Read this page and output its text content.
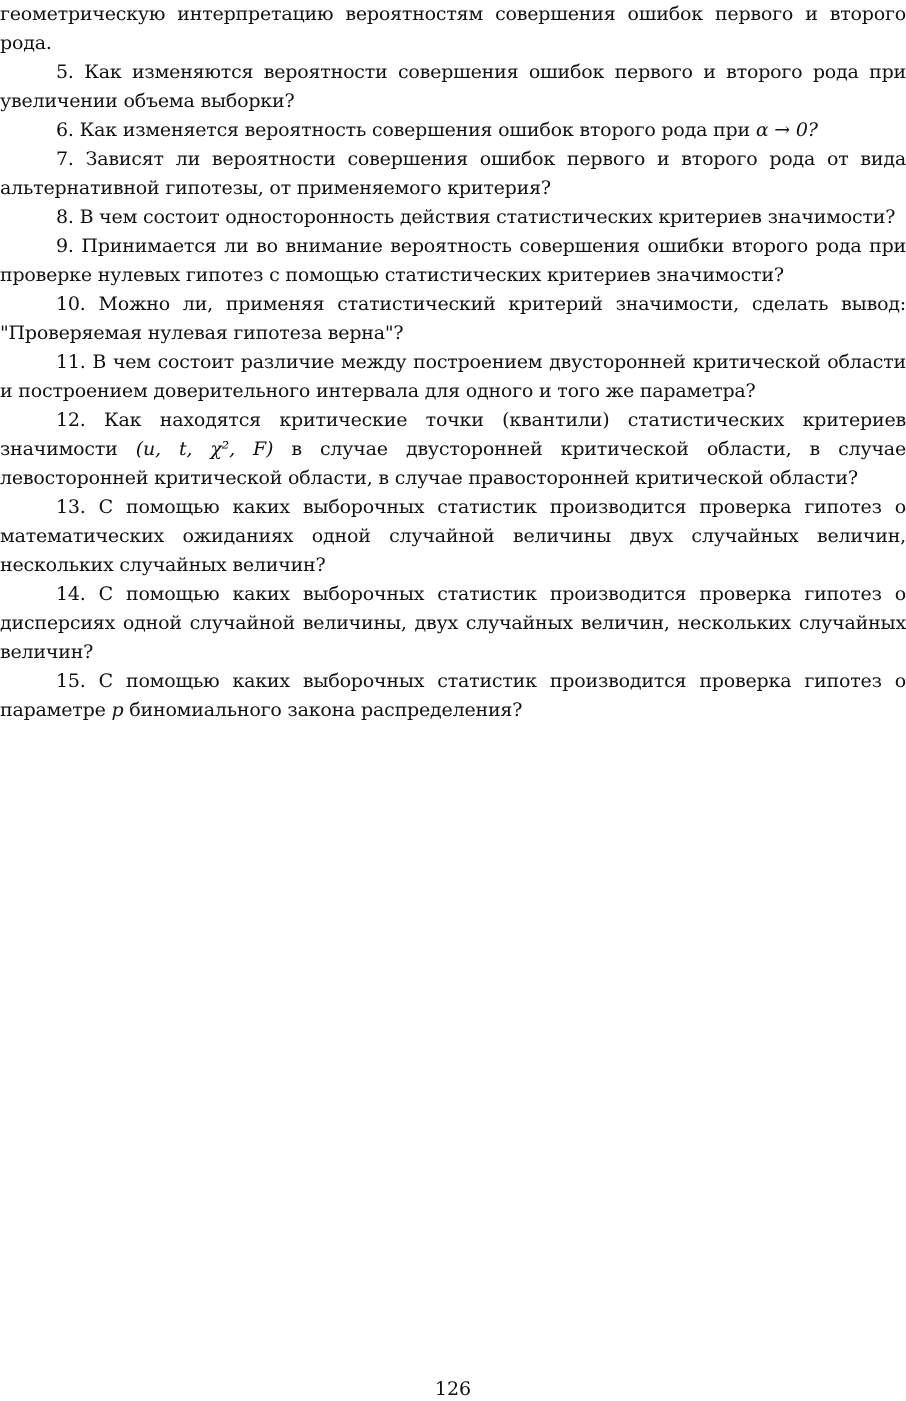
геометрическую интерпретацию вероятностям совершения ошибок первого и второго рода.

5. Как изменяются вероятности совершения ошибок первого и второго рода при увеличении объема выборки?

6. Как изменяется вероятность совершения ошибок второго рода при α → 0?

7. Зависят ли вероятности совершения ошибок первого и второго рода от вида альтернативной гипотезы, от применяемого критерия?

8. В чем состоит односторонность действия статистических критериев значимости?

9. Принимается ли во внимание вероятность совершения ошибки второго рода при проверке нулевых гипотез с помощью статистических критериев значимости?

10. Можно ли, применяя статистический критерий значимости, сделать вывод: "Проверяемая нулевая гипотеза верна"?

11. В чем состоит различие между построением двусторонней критической области и построением доверительного интервала для одного и того же параметра?

12. Как находятся критические точки (квантили) статистических критериев значимости (u, t, χ², F) в случае двусторонней критической области, в случае левосторонней критической области, в случае правосторонней критической области?

13. С помощью каких выборочных статистик производится проверка гипотез о математических ожиданиях одной случайной величины двух случайных величин, нескольких случайных величин?

14. С помощью каких выборочных статистик производится проверка гипотез о дисперсиях одной случайной величины, двух случайных величин, нескольких случайных величин?

15. С помощью каких выборочных статистик производится проверка гипотез о параметре p биномиального закона распределения?

126
